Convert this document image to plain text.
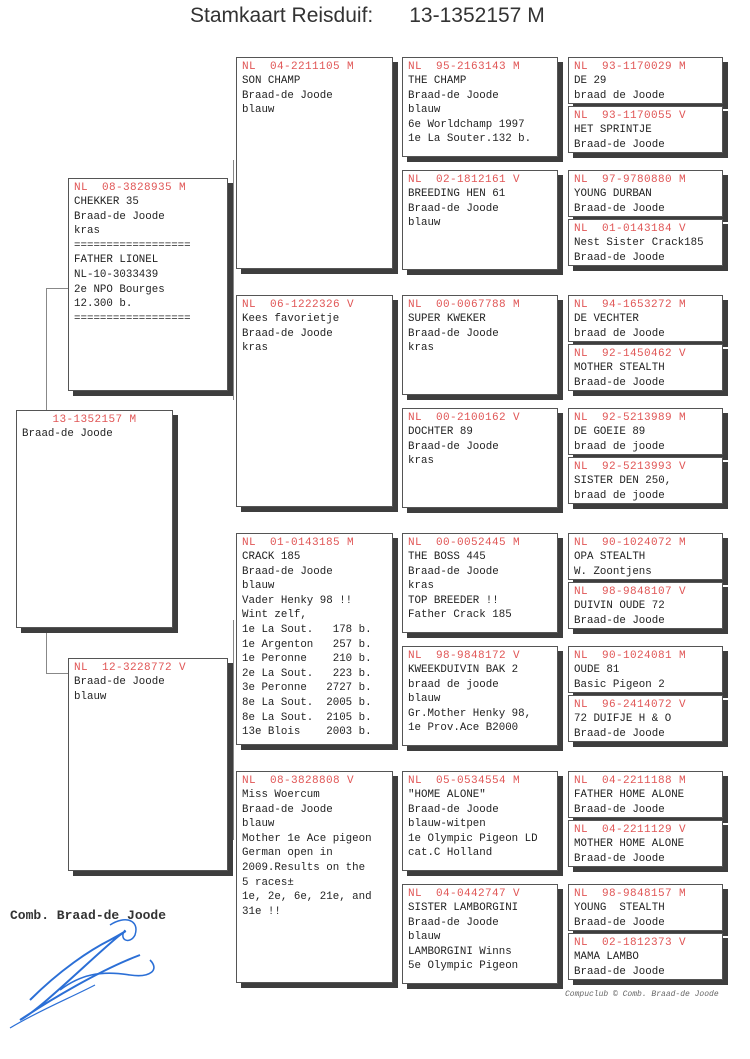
Stamkaart Reisduif: 13-1352157 M
13-1352157 M
Braad-de Joode
NL  08-3828935 M
CHEKKER 35
Braad-de Joode
kras
==================
FATHER LIONEL
NL-10-3033439
2e NPO Bourges
12.300 b.
==================
NL  12-3228772 V
Braad-de Joode
blauw
NL  04-2211105 M
SON CHAMP
Braad-de Joode
blauw
NL  06-1222326 V
Kees favorietje
Braad-de Joode
kras
NL  01-0143185 M
CRACK 185
Braad-de Joode
blauw
Vader Henky 98 !!
Wint zelf,
1e La Sout.   178 b.
1e Argenton   257 b.
1e Peronne    210 b.
2e La Sout.   223 b.
3e Peronne   2727 b.
8e La Sout.  2005 b.
8e La Sout.  2105 b.
13e Blois    2003 b.
NL  08-3828808 V
Miss Woercum
Braad-de Joode
blauw
Mother 1e Ace pigeon
German open in
2009.Results on the
5 races±
1e, 2e, 6e, 21e, and
31e !!
NL  95-2163143 M
THE CHAMP
Braad-de Joode
blauw
6e Worldchamp 1997
1e La Souter.132 b.
NL  02-1812161 V
BREEDING HEN 61
Braad-de Joode
blauw
NL  00-0067788 M
SUPER KWEKER
Braad-de Joode
kras
NL  00-2100162 V
DOCHTER 89
Braad-de Joode
kras
NL  00-0052445 M
THE BOSS 445
Braad-de Joode
kras
TOP BREEDER !!
Father Crack 185
NL  98-9848172 V
KWEEKDUIVIN BAK 2
braad de joode
blauw
Gr.Mother Henky 98,
1e Prov.Ace B2000
NL  05-0534554 M
"HOME ALONE"
Braad-de Joode
blauw-witpen
1e Olympic Pigeon LD
cat.C Holland
NL  04-0442747 V
SISTER LAMBORGINI
Braad-de Joode
blauw
LAMBORGINI Winns
5e Olympic Pigeon
NL  93-1170029 M
DE 29
braad de Joode
NL  93-1170055 V
HET SPRINTJE
Braad-de Joode
NL  97-9780880 M
YOUNG DURBAN
Braad-de Joode
NL  01-0143184 V
Nest Sister Crack185
Braad-de Joode
NL  94-1653272 M
DE VECHTER
braad de Joode
NL  92-1450462 V
MOTHER STEALTH
Braad-de Joode
NL  92-5213989 M
DE GOEIE 89
braad de joode
NL  92-5213993 V
SISTER DEN 250,
braad de joode
NL  90-1024072 M
OPA STEALTH
W. Zoontjens
NL  98-9848107 V
DUIVIN OUDE 72
Braad-de Joode
NL  90-1024081 M
OUDE 81
Basic Pigeon 2
NL  96-2414072 V
72 DUIFJE H & O
Braad-de Joode
NL  04-2211188 M
FATHER HOME ALONE
Braad-de Joode
NL  04-2211129 V
MOTHER HOME ALONE
Braad-de Joode
NL  98-9848157 M
YOUNG  STEALTH
Braad-de Joode
NL  02-1812373 V
MAMA LAMBO
Braad-de Joode
Comb. Braad-de Joode
Compuclub © Comb. Braad-de Joode
